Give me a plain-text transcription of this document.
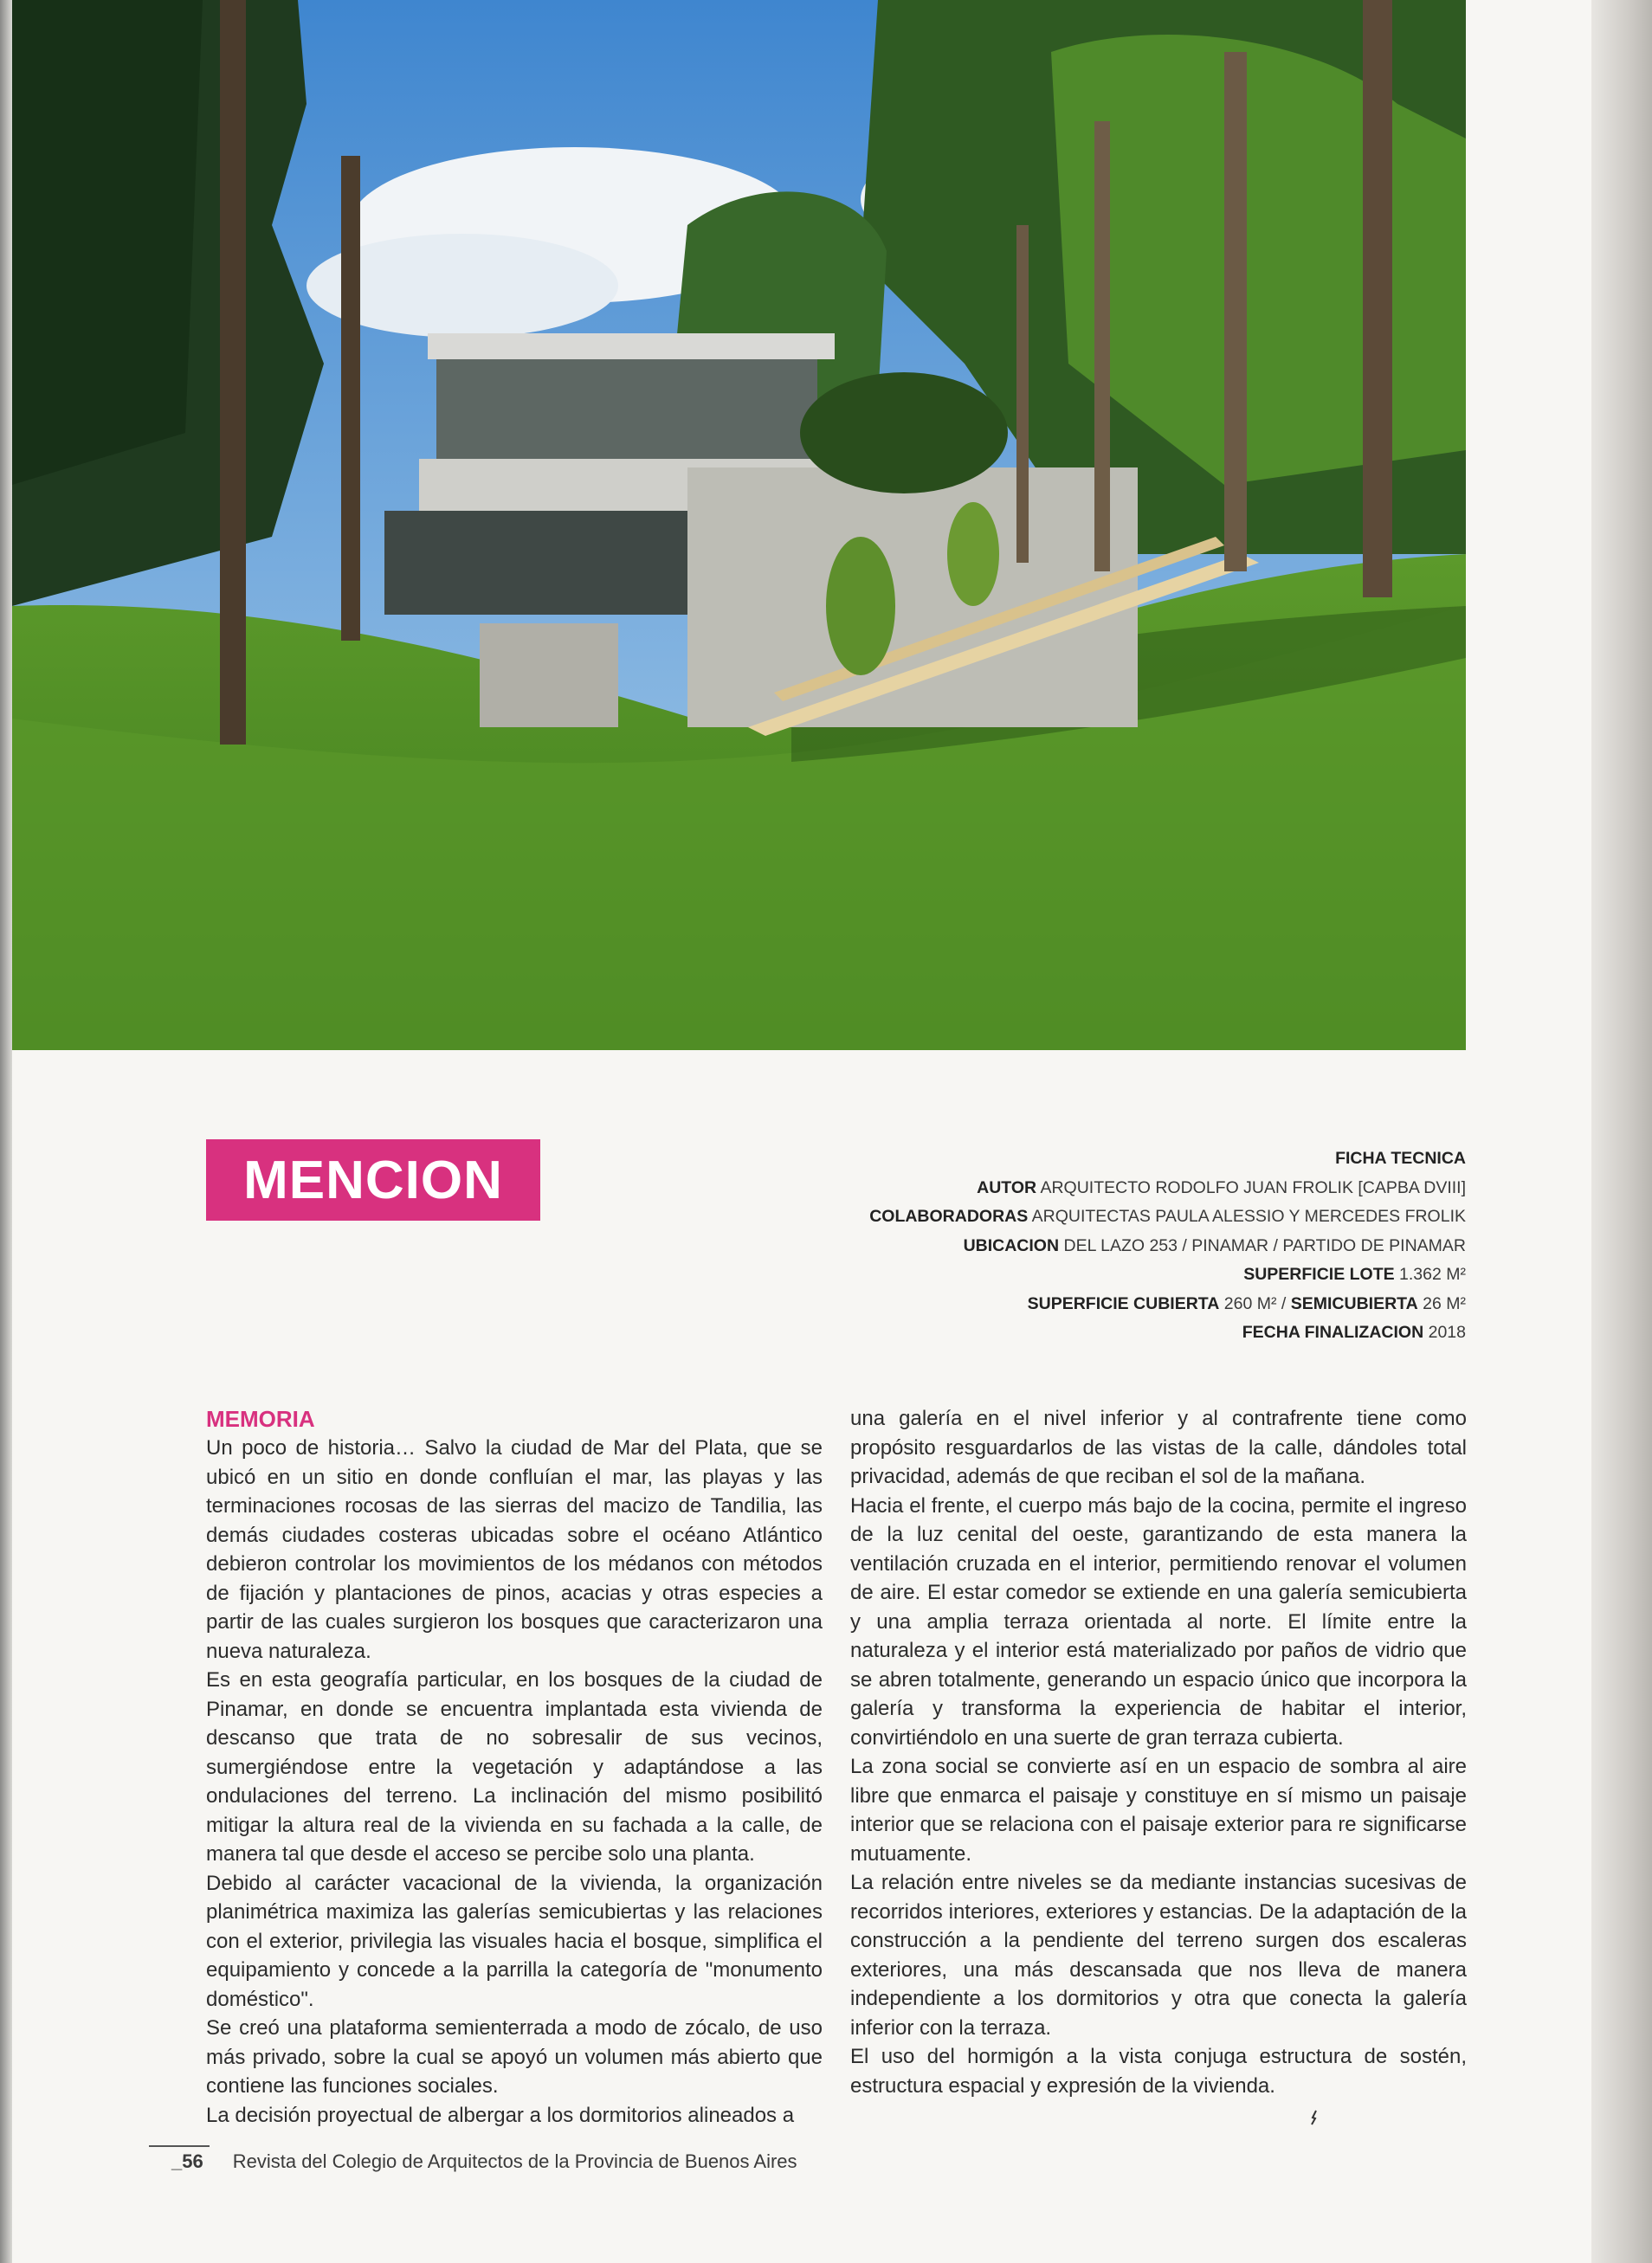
MENCION	FICHA TECNICA
AUTOR ARQUITECTO RODOLFO JUAN FROLIK [CAPBA DVIII]
COLABORADORAS ARQUITECTAS PAULA ALESSIO Y MERCEDES FROLIK
UBICACION DEL LAZO 253 / PINAMAR / PARTIDO DE PINAMAR
SUPERFICIE LOTE 1.362 M²
SUPERFICIE CUBIERTA 260 M² / SEMICUBIERTA 26 M²
FECHA FINALIZACION 2018
MEMORIA

Un poco de historia… Salvo la ciudad de Mar del Plata, que se ubicó en un sitio en donde confluían el mar, las playas y las terminaciones rocosas de las sierras del macizo de Tandilia, las demás ciudades costeras ubicadas sobre el océano Atlántico debieron controlar los movimientos de los médanos con métodos de fijación y plantaciones de pinos, acacias y otras especies a partir de las cuales surgieron los bosques que caracterizaron una nueva naturaleza.

Es en esta geografía particular, en los bosques de la ciudad de Pinamar, en donde se encuentra implantada esta vivienda de descanso que trata de no sobresalir de sus vecinos, sumergiéndose entre la vegetación y adaptándose a las ondulaciones del terreno. La inclinación del mismo posibilitó mitigar la altura real de la vivienda en su fachada a la calle, de manera tal que desde el acceso se percibe solo una planta.

Debido al carácter vacacional de la vivienda, la organización planimétrica maximiza las galerías semicubiertas y las relaciones con el exterior, privilegia las visuales hacia el bosque, simplifica el equipamiento y concede a la parrilla la categoría de "monumento doméstico".

Se creó una plataforma semienterrada a modo de zócalo, de uso más privado, sobre la cual se apoyó un volumen más abierto que contiene las funciones sociales.

La decisión proyectual de albergar a los dormitorios alineados a

una galería en el nivel inferior y al contrafrente tiene como propósito resguardarlos de las vistas de la calle, dándoles total privacidad, además de que reciban el sol de la mañana.

Hacia el frente, el cuerpo más bajo de la cocina, permite el ingreso de la luz cenital del oeste, garantizando de esta manera la ventilación cruzada en el interior, permitiendo renovar el volumen de aire. El estar comedor se extiende en una galería semicubierta y una amplia terraza orientada al norte. El límite entre la naturaleza y el interior está materializado por paños de vidrio que se abren totalmente, generando un espacio único que incorpora la galería y transforma la experiencia de habitar el interior, convirtiéndolo en una suerte de gran terraza cubierta.

La zona social se convierte así en un espacio de sombra al aire libre que enmarca el paisaje y constituye en sí mismo un paisaje interior que se relaciona con el paisaje exterior para re significarse mutuamente.

La relación entre niveles se da mediante instancias sucesivas de recorridos interiores, exteriores y estancias. De la adaptación de la construcción a la pendiente del terreno surgen dos escaleras exteriores, una más descansada que nos lleva de manera independiente a los dormitorios y otra que conecta la galería inferior con la terraza.

El uso del hormigón a la vista conjuga estructura de sostén, estructura espacial y expresión de la vivienda.

_56 Revista del Colegio de Arquitectos de la Provincia de Buenos Aires
